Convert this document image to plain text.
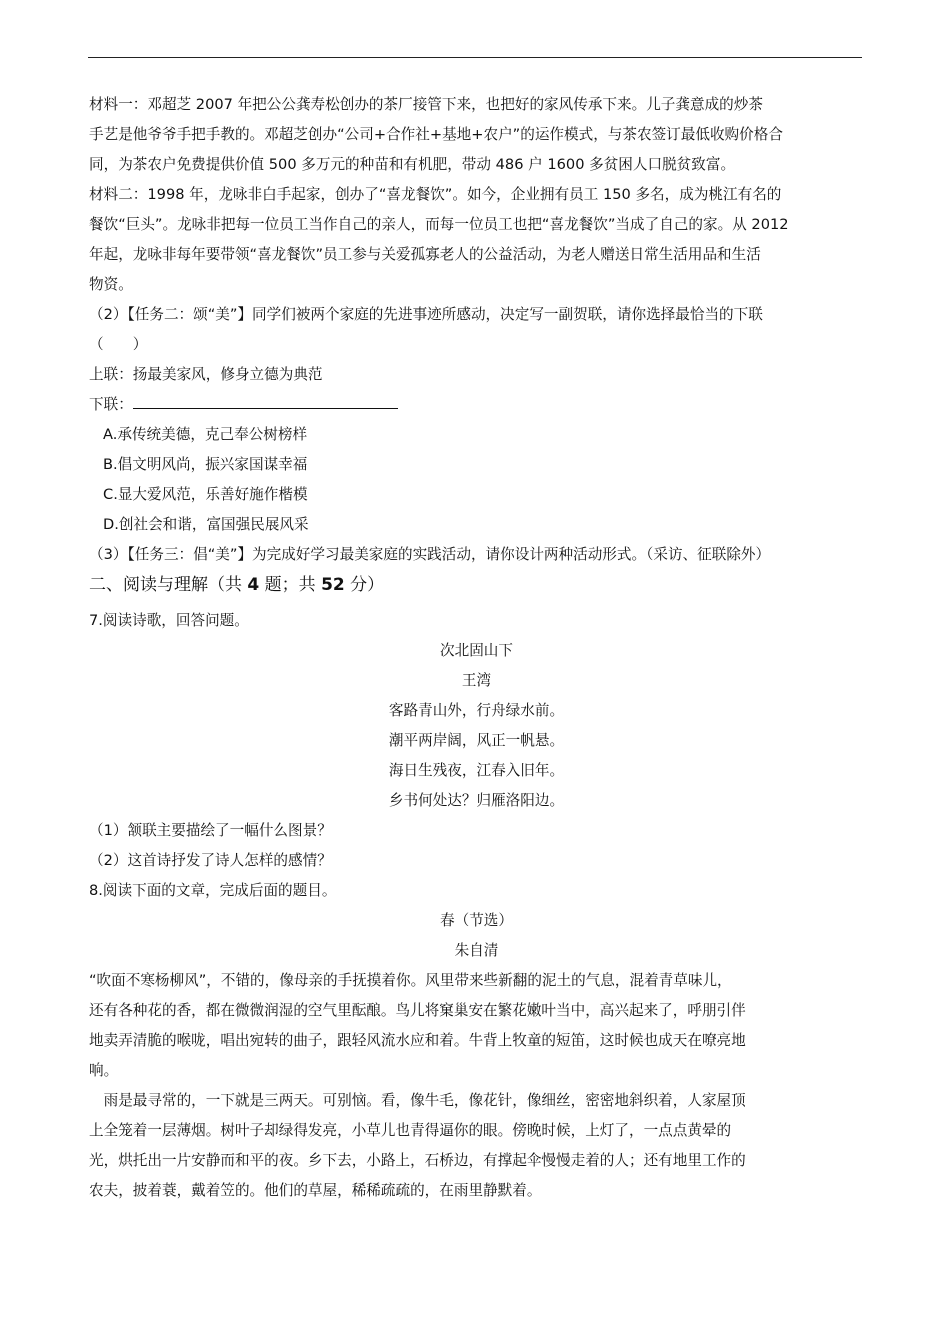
材料一：邓超芝 2007 年把公公龚寿松创办的茶厂接管下来，也把好的家风传承下来。儿子龚意成的炒茶

手艺是他爷爷手把手教的。邓超芝创办“公司+合作社+基地+农户”的运作模式，与茶农签订最低收购价格合

同，为茶农户免费提供价值 500 多万元的种苗和有机肥，带动 486 户 1600 多贫困人口脱贫致富。

材料二：1998 年，龙咏非白手起家，创办了“喜龙餐饮”。如今，企业拥有员工 150 多名，成为桃江有名的

餐饮“巨头”。龙咏非把每一位员工当作自己的亲人，而每一位员工也把“喜龙餐饮”当成了自己的家。从 2012

年起，龙咏非每年要带领“喜龙餐饮”员工参与关爱孤寡老人的公益活动，为老人赠送日常生活用品和生活

物资。

（2）【任务二：颂“美”】同学们被两个家庭的先进事迹所感动，决定写一副贺联，请你选择最恰当的下联

（　　）

上联：扬最美家风，修身立德为典范

下联：

A.承传统美德，克己奉公树榜样

B.倡文明风尚，振兴家国谋幸福

C.显大爱风范，乐善好施作楷模

D.创社会和谐，富国强民展风采

（3）【任务三：倡“美”】为完成好学习最美家庭的实践活动，请你设计两种活动形式。（采访、征联除外）

二、阅读与理解（共 4 题；共 52 分）

7.阅读诗歌，回答问题。

次北固山下

王湾

客路青山外，行舟绿水前。

潮平两岸阔，风正一帆悬。

海日生残夜，江春入旧年。

乡书何处达？归雁洛阳边。

（1）颔联主要描绘了一幅什么图景？

（2）这首诗抒发了诗人怎样的感情？

8.阅读下面的文章，完成后面的题目。

春（节选）

朱自清

“吹面不寒杨柳风”，不错的，像母亲的手抚摸着你。风里带来些新翻的泥土的气息，混着青草味儿，

还有各种花的香，都在微微润湿的空气里酝酿。鸟儿将窠巢安在繁花嫩叶当中，高兴起来了，呼朋引伴

地卖弄清脆的喉咙，唱出宛转的曲子，跟轻风流水应和着。牛背上牧童的短笛，这时候也成天在嘹亮地

响。

　雨是最寻常的，一下就是三两天。可别恼。看，像牛毛，像花针，像细丝，密密地斜织着，人家屋顶

上全笼着一层薄烟。树叶子却绿得发亮，小草儿也青得逼你的眼。傍晚时候，上灯了，一点点黄晕的

光，烘托出一片安静而和平的夜。乡下去，小路上，石桥边，有撑起伞慢慢走着的人；还有地里工作的

农夫，披着蓑，戴着笠的。他们的草屋，稀稀疏疏的，在雨里静默着。
